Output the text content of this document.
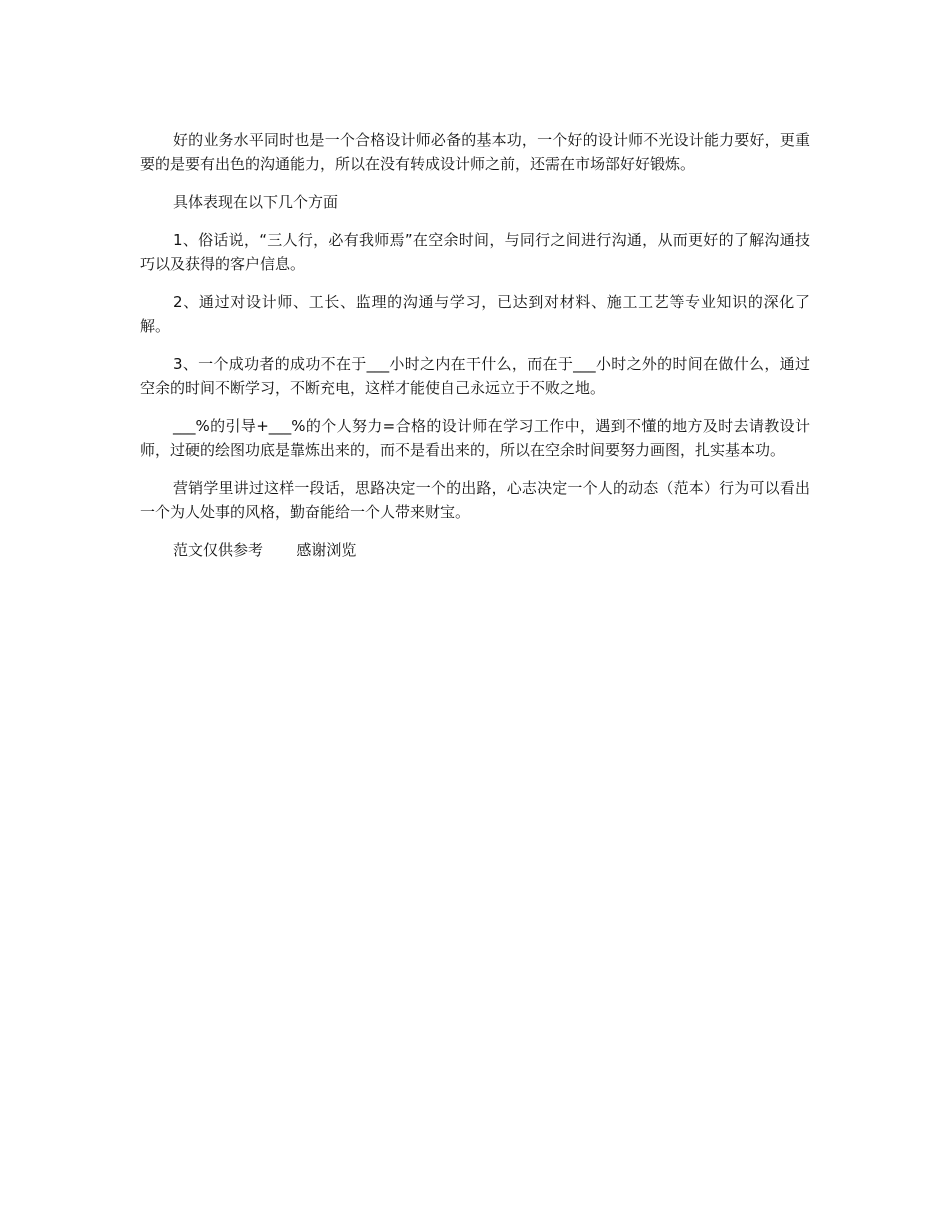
好的业务水平同时也是一个合格设计师必备的基本功，一个好的设计师不光设计能力要好，更重要的是要有出色的沟通能力，所以在没有转成设计师之前，还需在市场部好好锻炼。

具体表现在以下几个方面

1、俗话说，“三人行，必有我师焉”在空余时间，与同行之间进行沟通，从而更好的了解沟通技巧以及获得的客户信息。

2、通过对设计师、工长、监理的沟通与学习，已达到对材料、施工工艺等专业知识的深化了解。

3、一个成功者的成功不在于___小时之内在干什么，而在于___小时之外的时间在做什么，通过空余的时间不断学习，不断充电，这样才能使自己永远立于不败之地。

___%的引导+___%的个人努力=合格的设计师在学习工作中，遇到不懂的地方及时去请教设计师，过硬的绘图功底是靠炼出来的，而不是看出来的，所以在空余时间要努力画图，扎实基本功。

营销学里讲过这样一段话，思路决定一个的出路，心志决定一个人的动态（范本）行为可以看出一个为人处事的风格，勤奋能给一个人带来财宝。

范文仅供参考 感谢浏览
